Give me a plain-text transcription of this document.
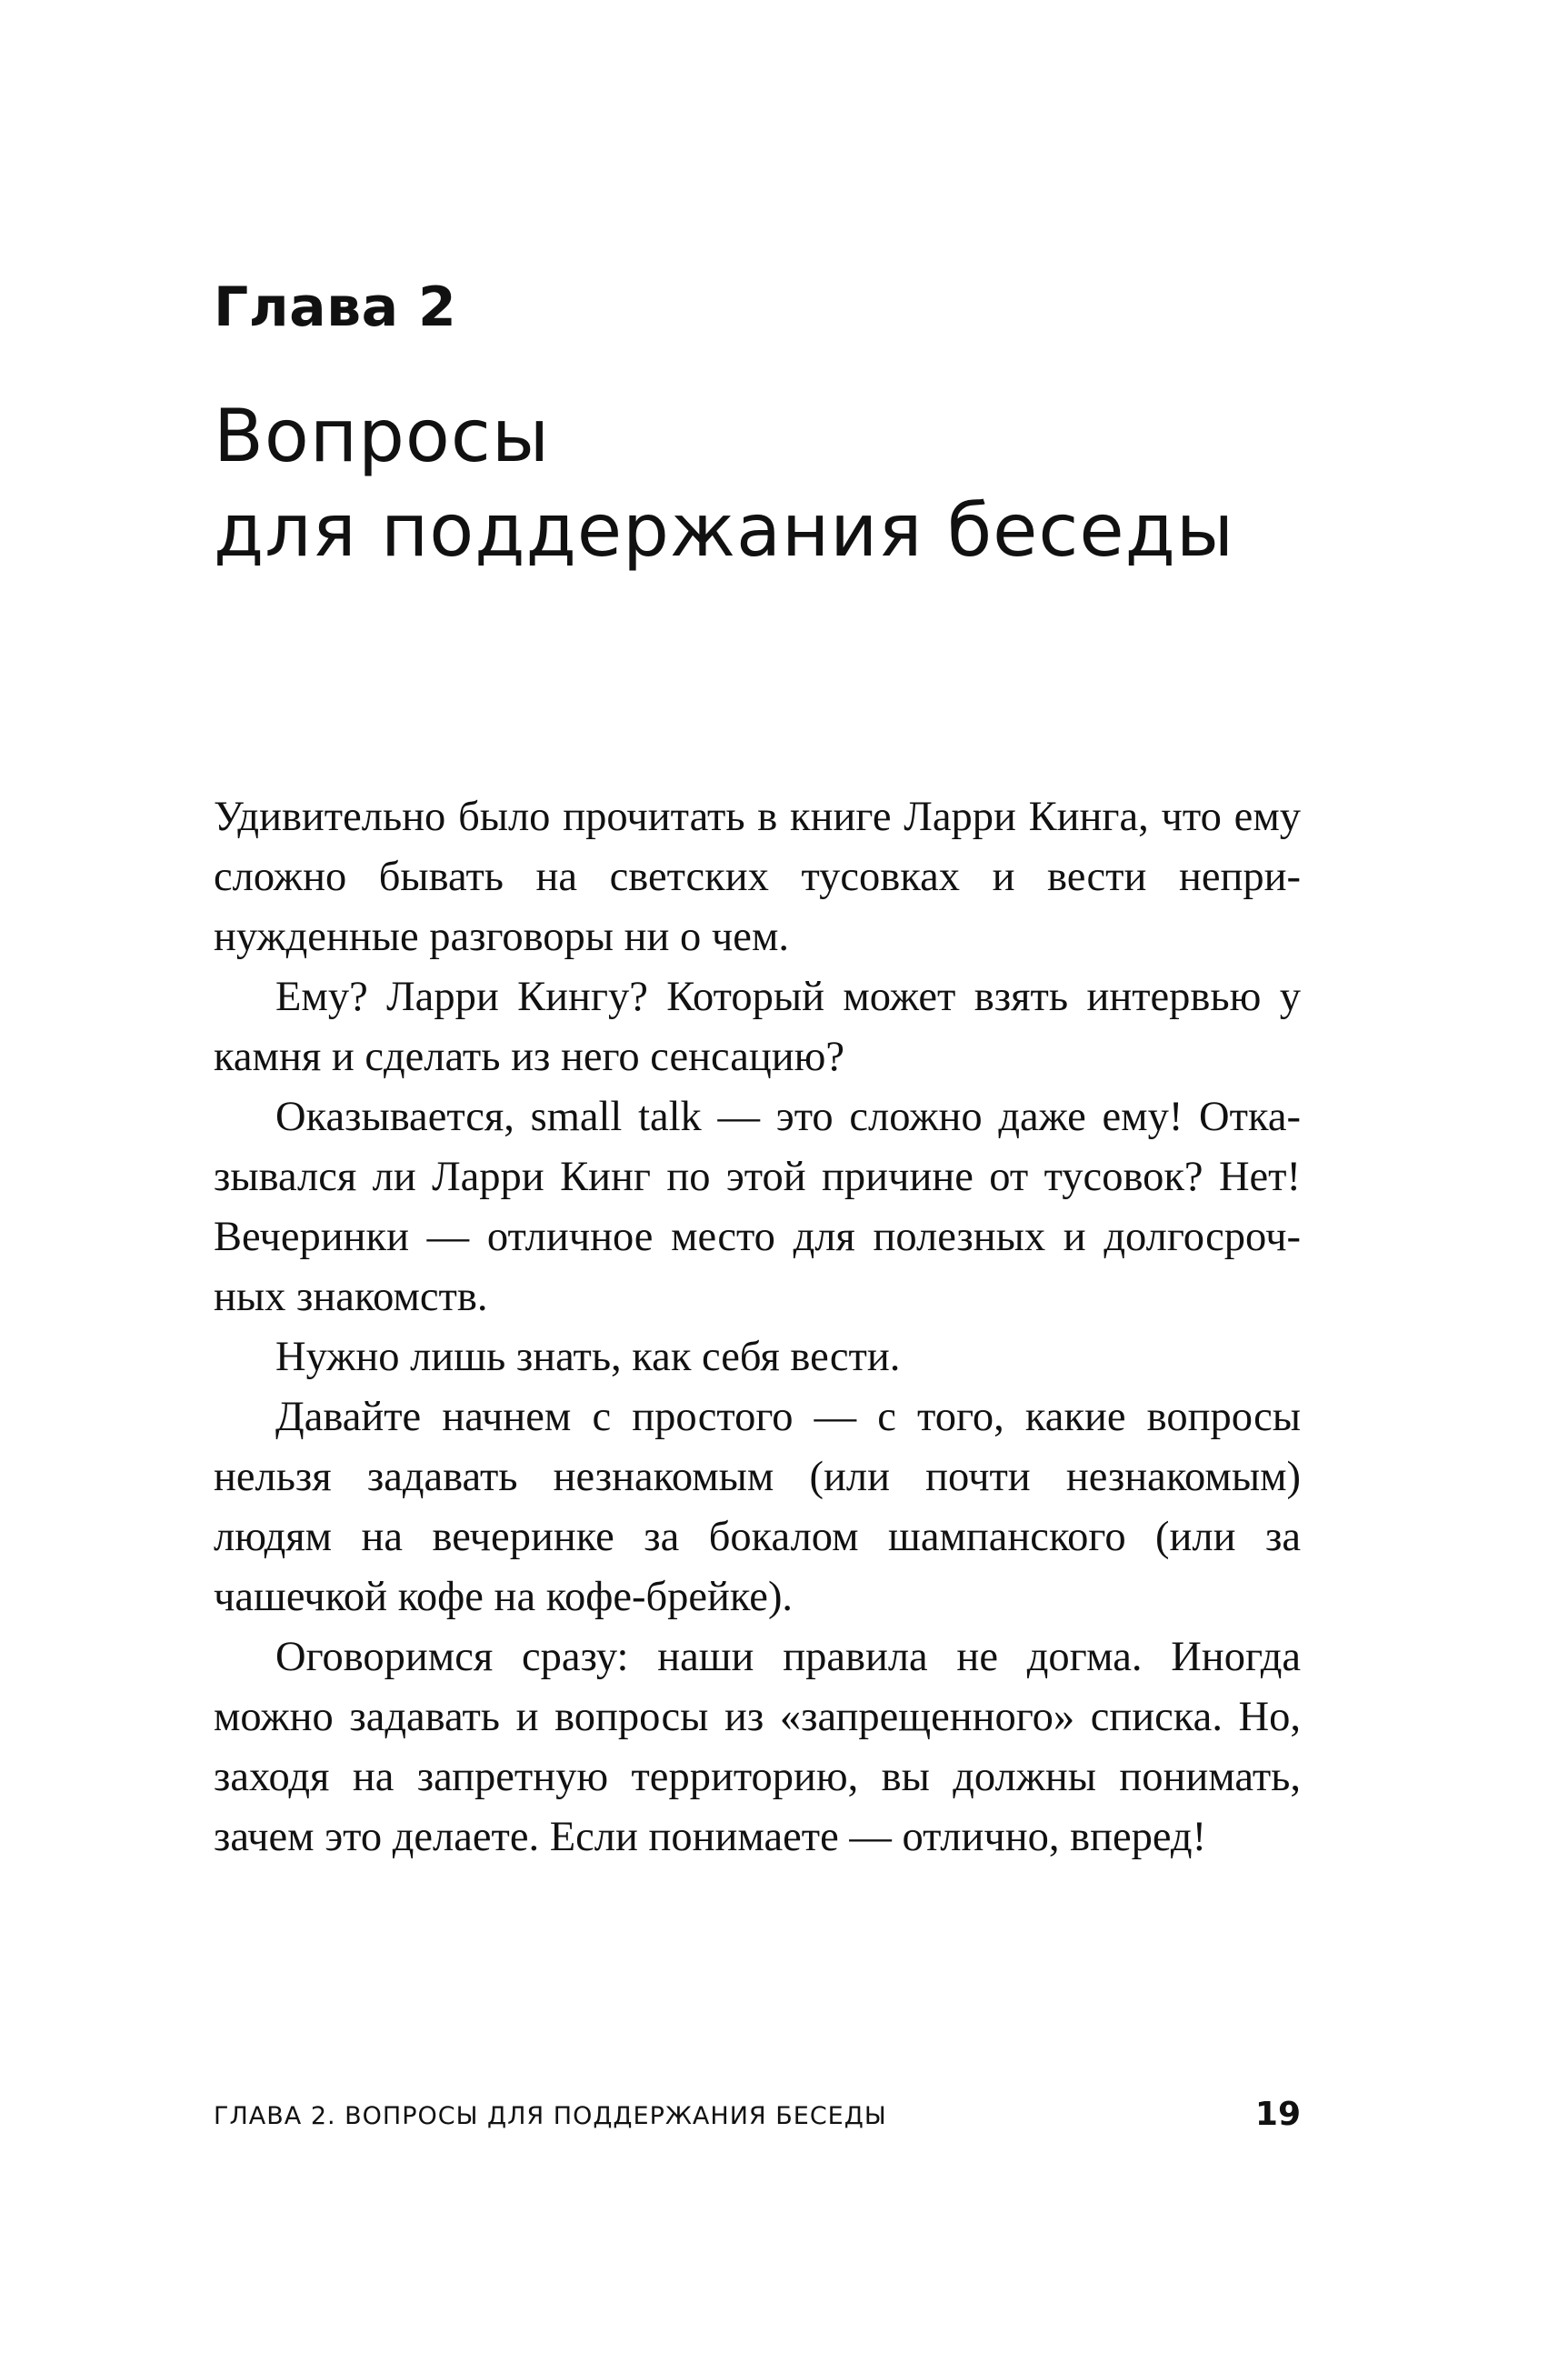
Глава 2
Вопросы
для поддержания беседы

Удивительно было прочитать в книге Ларри Кинга, что ему сложно бывать на светских тусовках и вести непринужденные разговоры ни о чем.

Ему? Ларри Кингу? Который может взять интервью у камня и сделать из него сенсацию?

Оказывается, small talk — это сложно даже ему! Отказывался ли Ларри Кинг по этой причине от тусовок? Нет! Вечеринки — отличное место для полезных и долгосрочных знакомств.

Нужно лишь знать, как себя вести.

Давайте начнем с простого — с того, какие вопросы нельзя задавать незнакомым (или почти незнакомым) людям на вечеринке за бокалом шампанского (или за чашечкой кофе на кофе-брейке).

Оговоримся сразу: наши правила не догма. Иногда можно задавать и вопросы из «запрещенного» списка. Но, заходя на запретную территорию, вы должны понимать, зачем это делаете. Если понимаете — отлично, вперед!

ГЛАВА 2. ВОПРОСЫ ДЛЯ ПОДДЕРЖАНИЯ БЕСЕДЫ	19
